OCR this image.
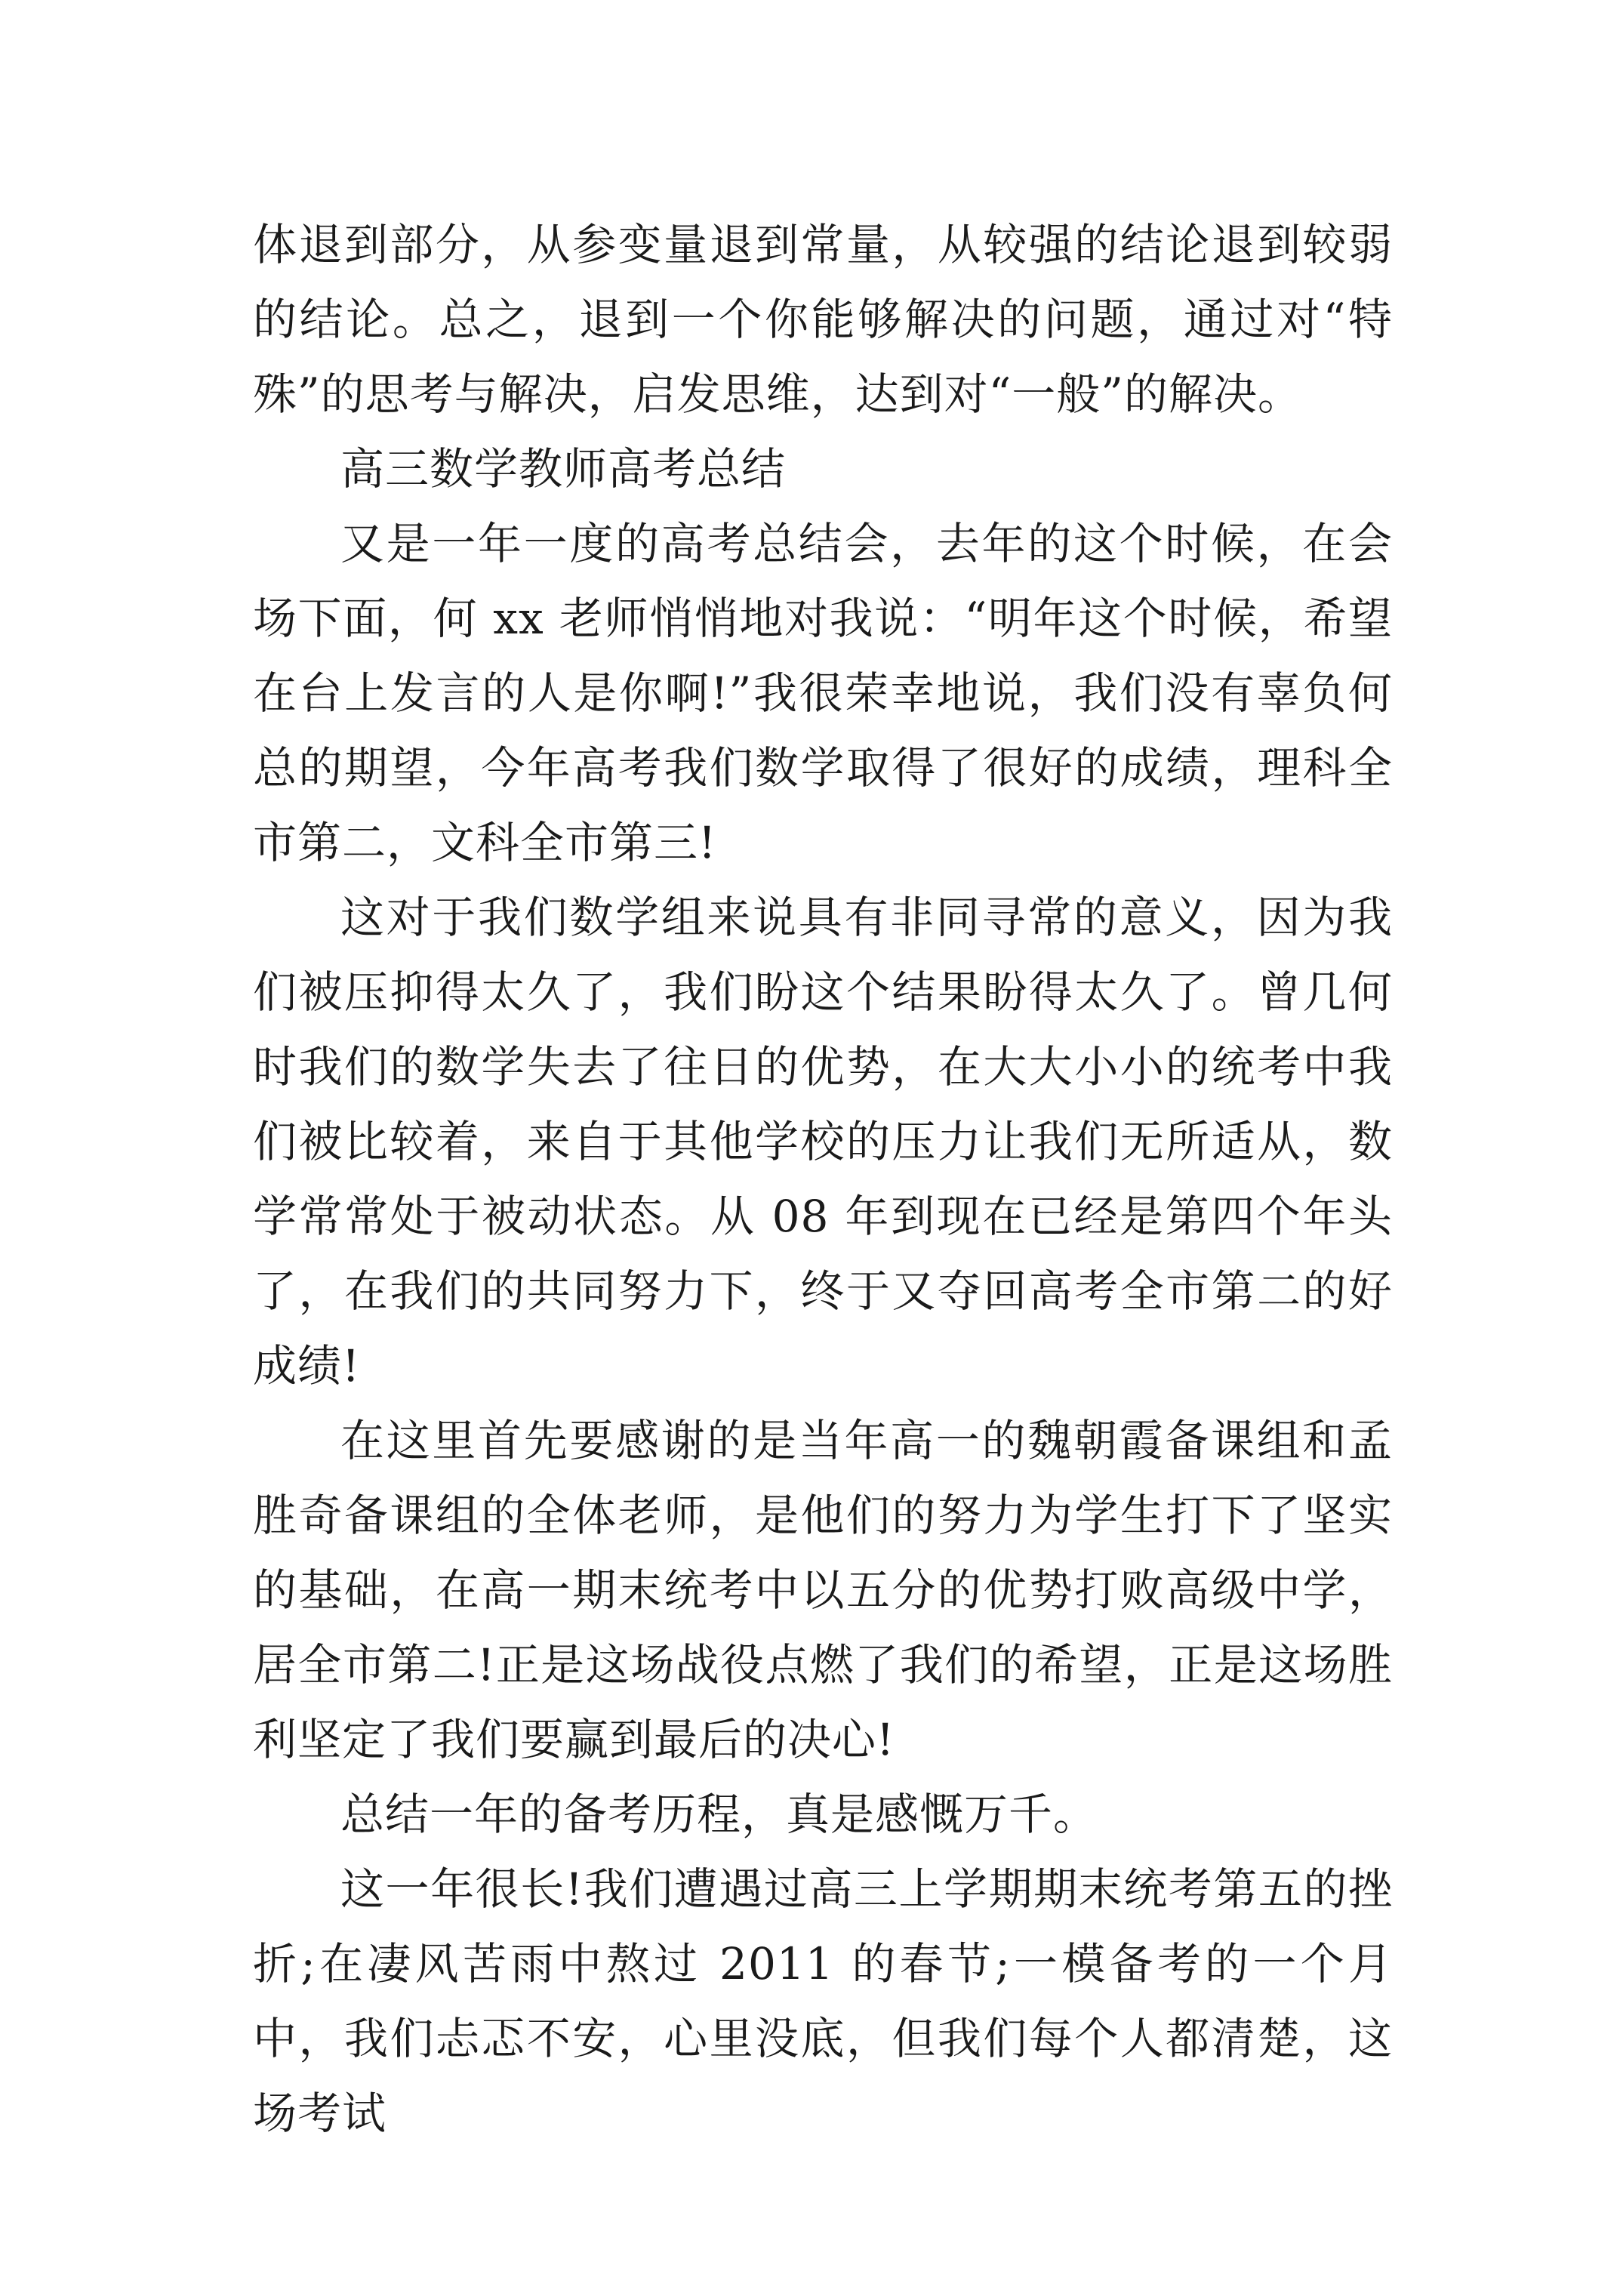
体退到部分，从参变量退到常量，从较强的结论退到较弱的结论。总之，退到一个你能够解决的问题，通过对“特殊”的思考与解决，启发思维，达到对“一般”的解决。

高三数学教师高考总结

又是一年一度的高考总结会，去年的这个时候，在会场下面，何 xx 老师悄悄地对我说：“明年这个时候，希望在台上发言的人是你啊!”我很荣幸地说，我们没有辜负何总的期望，今年高考我们数学取得了很好的成绩，理科全市第二，文科全市第三!

这对于我们数学组来说具有非同寻常的意义，因为我们被压抑得太久了，我们盼这个结果盼得太久了。曾几何时我们的数学失去了往日的优势，在大大小小的统考中我们被比较着，来自于其他学校的压力让我们无所适从，数学常常处于被动状态。从 08 年到现在已经是第四个年头了，在我们的共同努力下，终于又夺回高考全市第二的好成绩!

在这里首先要感谢的是当年高一的魏朝霞备课组和孟胜奇备课组的全体老师，是他们的努力为学生打下了坚实的基础，在高一期末统考中以五分的优势打败高级中学，居全市第二!正是这场战役点燃了我们的希望，正是这场胜利坚定了我们要赢到最后的决心!

总结一年的备考历程，真是感慨万千。

这一年很长!我们遭遇过高三上学期期末统考第五的挫折;在凄风苦雨中熬过 2011 的春节;一模备考的一个月中，我们忐忑不安，心里没底，但我们每个人都清楚，这场考试
